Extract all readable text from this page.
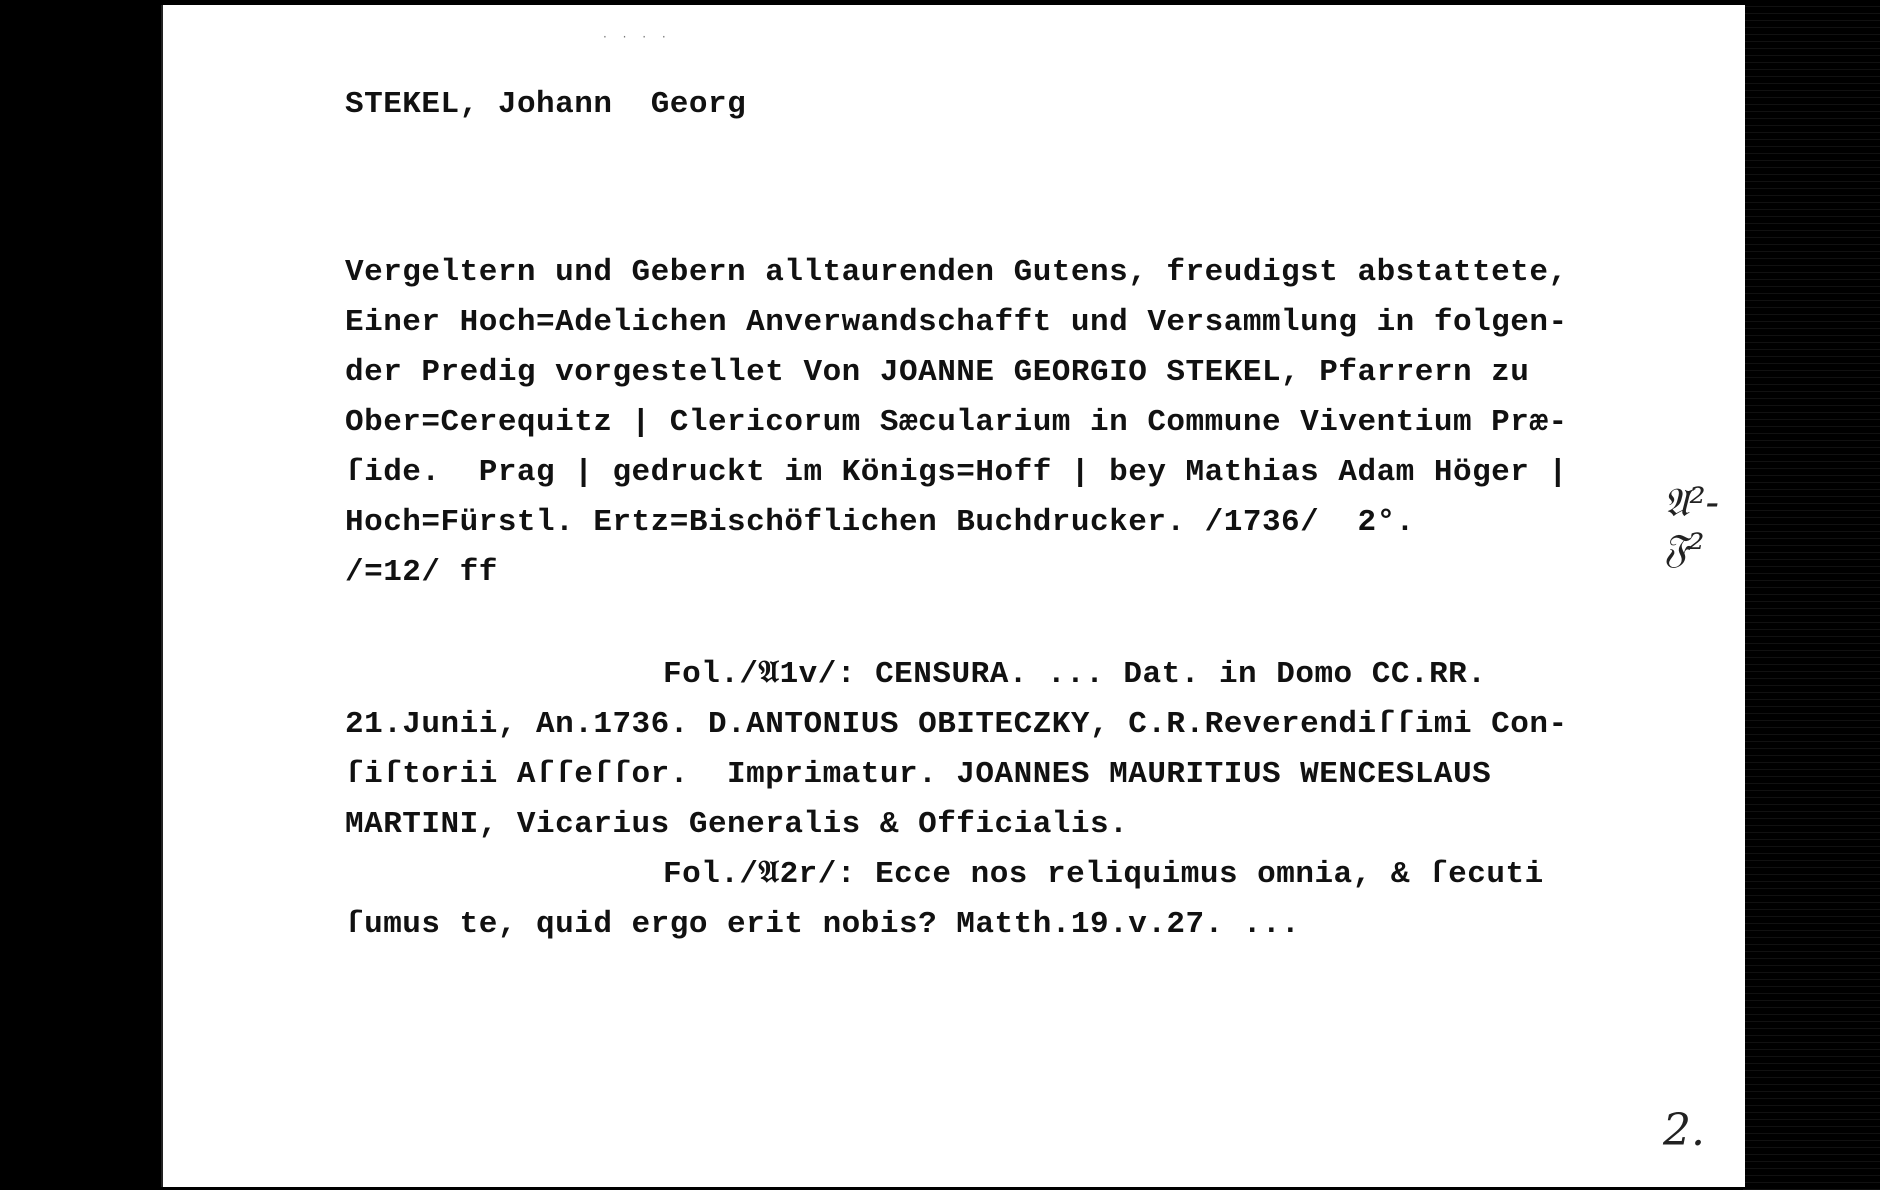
· · · ·
STEKEL, Johann Georg
Vergeltern und Gebern alltaurenden Gutens, freudigst abstattete,
Einer Hoch=Adelichen Anverwandschafft und Versammlung in folgen-
der Predig vorgestellet Von JOANNE GEORGIO STEKEL, Pfarrern zu
Ober=Cerequitz | Clericorum Sæcularium in Commune Viventium Præ-
ſide.  Prag | gedruckt im Königs=Hoff | bey Mathias Adam Höger |
Hoch=Fürstl. Ertz=Bischöflichen Buchdrucker. /1736/  2°.	𝔄²-𝔉²
/=12/ ff
Fol./𝔄1v/: CENSURA. ... Dat. in Domo CC.RR.
21.Junii, An.1736. D.ANTONIUS OBITECZKY, C.R.Reverendiſſimi Con-
ſiſtorii Aſſeſſor.  Imprimatur. JOANNES MAURITIUS WENCESLAUS
MARTINI, Vicarius Generalis & Officialis.
Fol./𝔄2r/: Ecce nos reliquimus omnia, & ſecuti
ſumus te, quid ergo erit nobis? Matth.19.v.27. ...
2.
